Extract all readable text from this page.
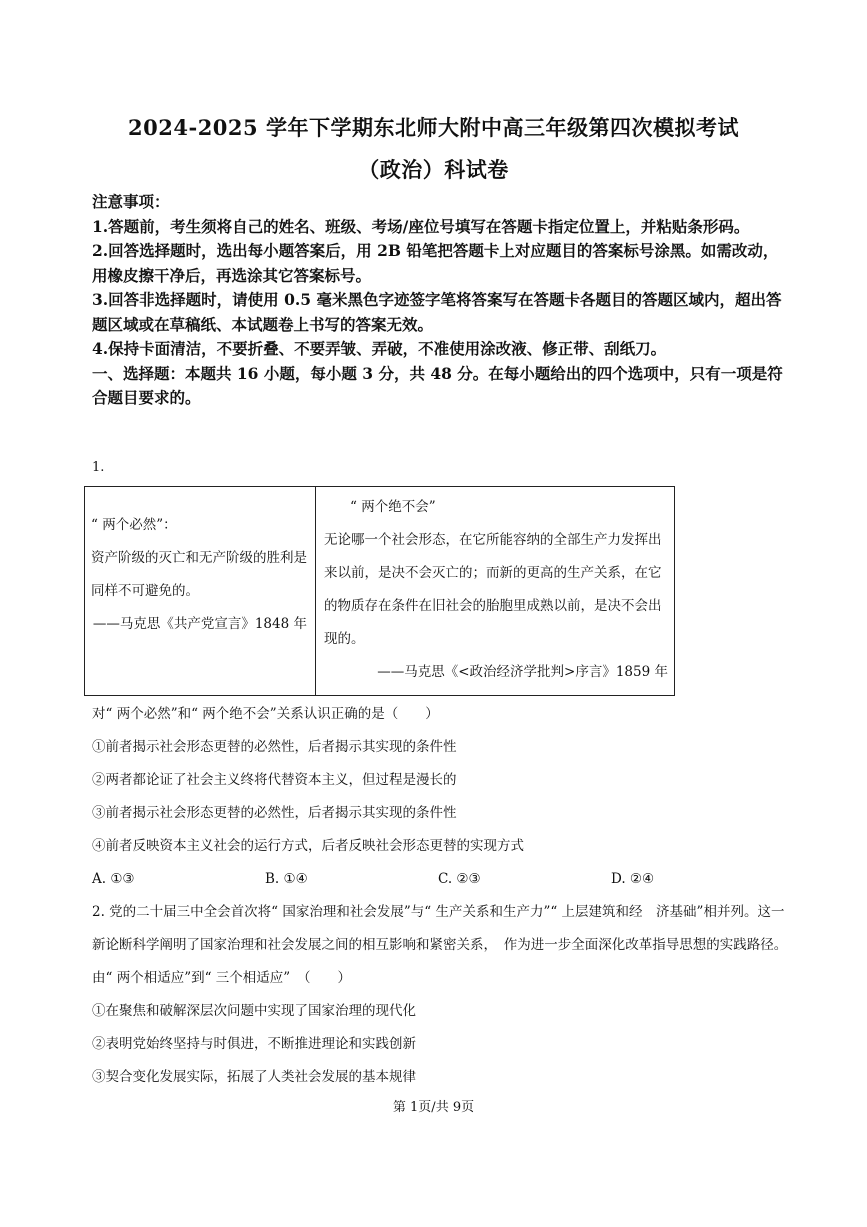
2024-2025 学年下学期东北师大附中高三年级第四次模拟考试
（政治）科试卷

注意事项：

1.答题前，考生须将自己的姓名、班级、考场/座位号填写在答题卡指定位置上，并粘贴条形码。

2.回答选择题时，选出每小题答案后，用 2B 铅笔把答题卡上对应题目的答案标号涂黑。如需改动，用橡皮擦干净后，再选涂其它答案标号。

3.回答非选择题时，请使用 0.5 毫米黑色字迹签字笔将答案写在答题卡各题目的答题区域内，超出答题区域或在草稿纸、本试题卷上书写的答案无效。

4.保持卡面清洁，不要折叠、不要弄皱、弄破，不准使用涂改液、修正带、刮纸刀。

一、选择题：本题共 16 小题，每小题 3 分，共 48 分。在每小题给出的四个选项中，只有一项是符合题目要求的。

1.
“ 两个必然”：
资产阶级的灭亡和无产阶级的胜利是同样不可避免的。
——马克思《共产党宣言》1848 年

“ 两个绝不会”
无论哪一个社会形态，在它所能容纳的全部生产力发挥出来以前，是决不会灭亡的；而新的更高的生产关系，在它的物质存在条件在旧社会的胎胞里成熟以前，是决不会出现的。
——马克思《<政治经济学批判>序言》1859 年

对“ 两个必然”和“ 两个绝不会”关系认识正确的是（　　）

①前者揭示社会形态更替的必然性，后者揭示其实现的条件性

②两者都论证了社会主义终将代替资本主义，但过程是漫长的

③前者揭示社会形态更替的必然性，后者揭示其实现的条件性

④前者反映资本主义社会的运行方式，后者反映社会形态更替的实现方式

A. ①③	B. ①④	C. ②③	D. ②④

2. 党的二十届三中全会首次将“ 国家治理和社会发展”与“ 生产关系和生产力”“ 上层建筑和经　济基础”相并列。这一新论断科学阐明了国家治理和社会发展之间的相互影响和紧密关系，　作为进一步全面深化改革指导思想的实践路径。由“ 两个相适应”到“ 三个相适应”　（　　）

①在聚焦和破解深层次问题中实现了国家治理的现代化

②表明党始终坚持与时俱进，不断推进理论和实践创新

③契合变化发展实际，拓展了人类社会发展的基本规律

第 1页/共 9页
